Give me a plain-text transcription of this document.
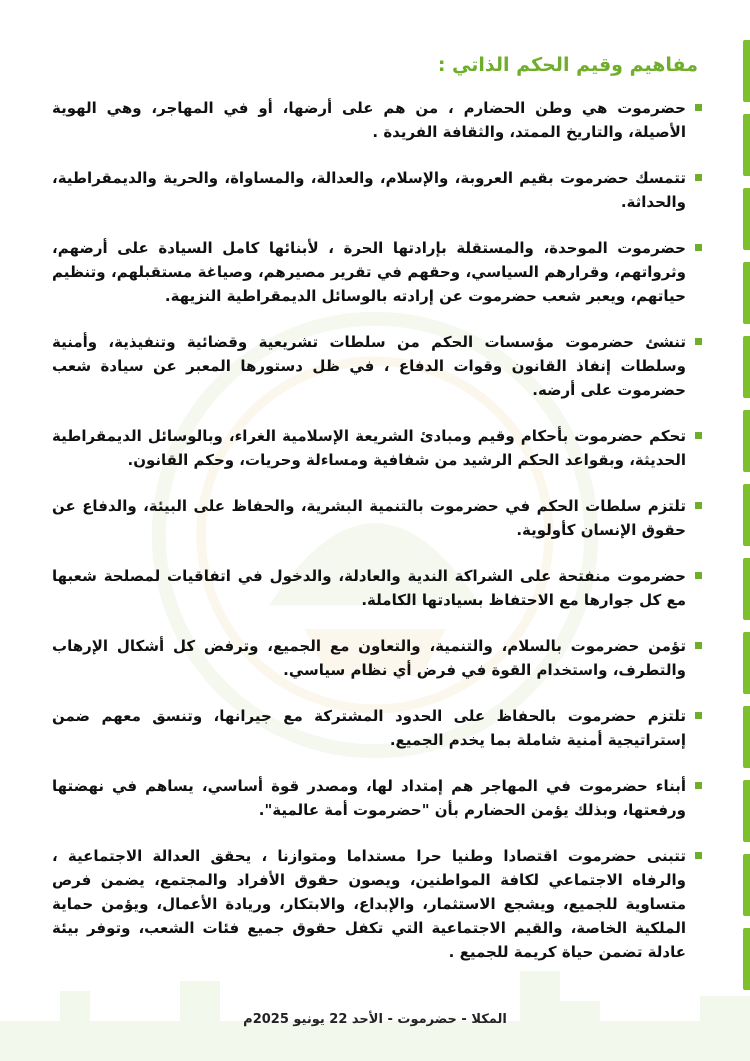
مفاهيم وقيم الحكم الذاتي :
حضرموت هي وطن الحضارم ، من هم على أرضها، أو في المهاجر، وهي الهوية الأصيلة، والتاريخ الممتد، والثقافة الفريدة .
تتمسك حضرموت بقيم العروبة، والإسلام، والعدالة، والمساواة، والحرية والديمقراطية، والحداثة.
حضرموت الموحدة، والمستقلة بإرادتها الحرة ، لأبنائها كامل السيادة على أرضهم، وثرواتهم، وقرارهم السياسي، وحقهم في تقرير مصيرهم، وصياغة مستقبلهم، وتنظيم حياتهم، ويعبر شعب حضرموت عن إرادته بالوسائل الديمقراطية النزيهة.
تنشئ حضرموت مؤسسات الحكم من سلطات تشريعية وقضائية وتنفيذية، وأمنية وسلطات إنفاذ القانون وقوات الدفاع ، في ظل دستورها المعبر عن سيادة شعب حضرموت على أرضه.
تحكم حضرموت بأحكام وقيم ومبادئ الشريعة الإسلامية الغراء، وبالوسائل الديمقراطية الحديثة، وبقواعد الحكم الرشيد من شفافية ومساءلة وحريات، وحكم القانون.
تلتزم سلطات الحكم في حضرموت بالتنمية البشرية، والحفاظ على البيئة، والدفاع عن حقوق الإنسان كأولوية.
حضرموت منفتحة على الشراكة الندية والعادلة، والدخول في اتفاقيات لمصلحة شعبها مع كل جوارها مع الاحتفاظ بسيادتها الكاملة.
تؤمن حضرموت بالسلام، والتنمية، والتعاون مع الجميع، وترفض كل أشكال الإرهاب والتطرف، واستخدام القوة في فرض أي نظام سياسي.
تلتزم حضرموت بالحفاظ على الحدود المشتركة مع جيرانها، وتنسق معهم ضمن إستراتيجية أمنية شاملة بما يخدم الجميع.
أبناء حضرموت في المهاجر هم إمتداد لها، ومصدر قوة أساسي، يساهم في نهضتها ورفعتها، وبذلك يؤمن الحضارم بأن "حضرموت أمة عالمية".
تتبنى حضرموت اقتصادا وطنيا حرا مستداما ومتوازنا ، يحقق العدالة الاجتماعية ، والرفاه الاجتماعي لكافة المواطنين، ويصون حقوق الأفراد والمجتمع، يضمن فرص متساوية للجميع، ويشجع الاستثمار، والإبداع، والابتكار، وريادة الأعمال، ويؤمن حماية الملكية الخاصة، والقيم الاجتماعية التي تكفل حقوق جميع فئات الشعب، وتوفر بيئة عادلة تضمن حياة كريمة للجميع .
المكلا - حضرموت - الأحد 22 يونيو 2025م
